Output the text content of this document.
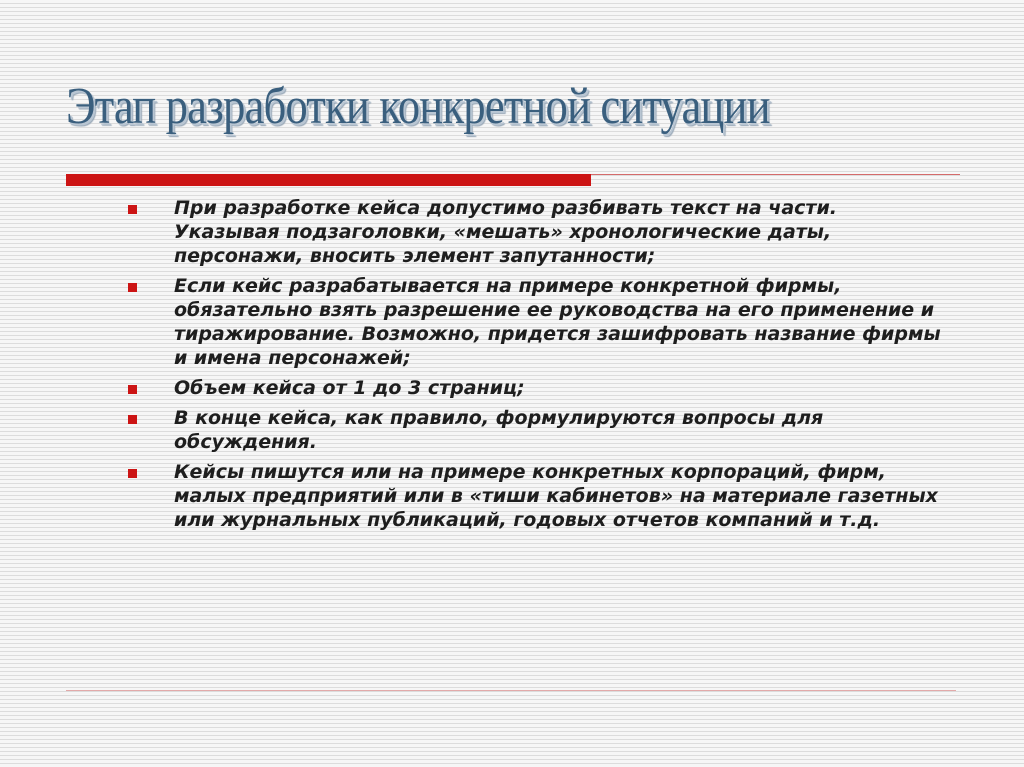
Этап разработки конкретной ситуации
При разработке кейса допустимо разбивать текст на части. Указывая подзаголовки, «мешать» хронологические даты, персонажи, вносить элемент запутанности;
Если кейс разрабатывается на примере конкретной фирмы, обязательно взять разрешение ее руководства на его применение и тиражирование. Возможно, придется зашифровать название фирмы и имена персонажей;
Объем кейса от 1 до 3 страниц;
В конце кейса, как правило, формулируются вопросы для обсуждения.
Кейсы пишутся или на примере конкретных корпораций, фирм, малых предприятий или в «тиши кабинетов» на материале газетных или журнальных публикаций, годовых отчетов компаний и т.д.
